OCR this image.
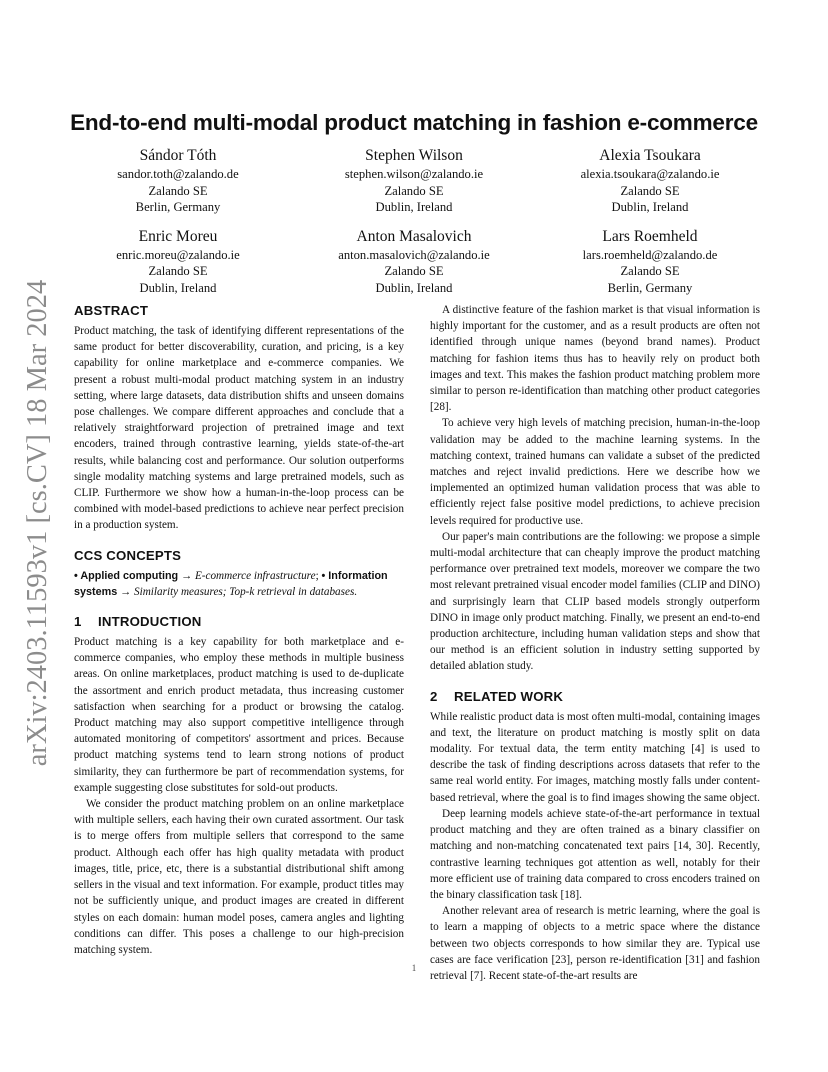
arXiv:2403.11593v1 [cs.CV] 18 Mar 2024
End-to-end multi-modal product matching in fashion e-commerce
Sándor Tóth
sandor.toth@zalando.de
Zalando SE
Berlin, Germany
Stephen Wilson
stephen.wilson@zalando.ie
Zalando SE
Dublin, Ireland
Alexia Tsoukara
alexia.tsoukara@zalando.ie
Zalando SE
Dublin, Ireland
Enric Moreu
enric.moreu@zalando.ie
Zalando SE
Dublin, Ireland
Anton Masalovich
anton.masalovich@zalando.ie
Zalando SE
Dublin, Ireland
Lars Roemheld
lars.roemheld@zalando.de
Zalando SE
Berlin, Germany
ABSTRACT

Product matching, the task of identifying different representations of the same product for better discoverability, curation, and pricing, is a key capability for online marketplace and e-commerce companies. We present a robust multi-modal product matching system in an industry setting, where large datasets, data distribution shifts and unseen domains pose challenges. We compare different approaches and conclude that a relatively straightforward projection of pretrained image and text encoders, trained through contrastive learning, yields state-of-the-art results, while balancing cost and performance. Our solution outperforms single modality matching systems and large pretrained models, such as CLIP. Furthermore we show how a human-in-the-loop process can be combined with model-based predictions to achieve near perfect precision in a production system.

CCS CONCEPTS
• Applied computing → E-commerce infrastructure; • Information systems → Similarity measures; Top-k retrieval in databases.
1 INTRODUCTION

Product matching is a key capability for both marketplace and e-commerce companies, who employ these methods in multiple business areas. On online marketplaces, product matching is used to de-duplicate the assortment and enrich product metadata, thus increasing customer satisfaction when searching for a product or browsing the catalog. Product matching may also support competitive intelligence through automated monitoring of competitors' assortment and prices. Because product matching systems tend to learn strong notions of product similarity, they can furthermore be part of recommendation systems, for example suggesting close substitutes for sold-out products.

We consider the product matching problem on an online marketplace with multiple sellers, each having their own curated assortment. Our task is to merge offers from multiple sellers that correspond to the same product. Although each offer has high quality metadata with product images, title, price, etc, there is a substantial distributional shift among sellers in the visual and text information. For example, product titles may not be sufficiently unique, and product images are created in different styles on each domain: human model poses, camera angles and lighting conditions can differ. This poses a challenge to our high-precision matching system.

A distinctive feature of the fashion market is that visual information is highly important for the customer, and as a result products are often not identified through unique names (beyond brand names). Product matching for fashion items thus has to heavily rely on product both images and text. This makes the fashion product matching problem more similar to person re-identification than matching other product categories [28].

To achieve very high levels of matching precision, human-in-the-loop validation may be added to the machine learning systems. In the matching context, trained humans can validate a subset of the predicted matches and reject invalid predictions. Here we describe how we implemented an optimized human validation process that was able to efficiently reject false positive model predictions, to achieve precision levels required for productive use.

Our paper's main contributions are the following: we propose a simple multi-modal architecture that can cheaply improve the product matching performance over pretrained text models, moreover we compare the two most relevant pretrained visual encoder model families (CLIP and DINO) and surprisingly learn that CLIP based models strongly outperform DINO in image only product matching. Finally, we present an end-to-end production architecture, including human validation steps and show that our method is an efficient solution in industry setting supported by detailed ablation study.

2 RELATED WORK

While realistic product data is most often multi-modal, containing images and text, the literature on product matching is mostly split on data modality. For textual data, the term entity matching [4] is used to describe the task of finding descriptions across datasets that refer to the same real world entity. For images, matching mostly falls under content-based retrieval, where the goal is to find images showing the same object.

Deep learning models achieve state-of-the-art performance in textual product matching and they are often trained as a binary classifier on matching and non-matching concatenated text pairs [14, 30]. Recently, contrastive learning techniques got attention as well, notably for their more efficient use of training data compared to cross encoders trained on the binary classification task [18].

Another relevant area of research is metric learning, where the goal is to learn a mapping of objects to a metric space where the distance between two objects corresponds to how similar they are. Typical use cases are face verification [23], person re-identification [31] and fashion retrieval [7]. Recent state-of-the-art results are

1
